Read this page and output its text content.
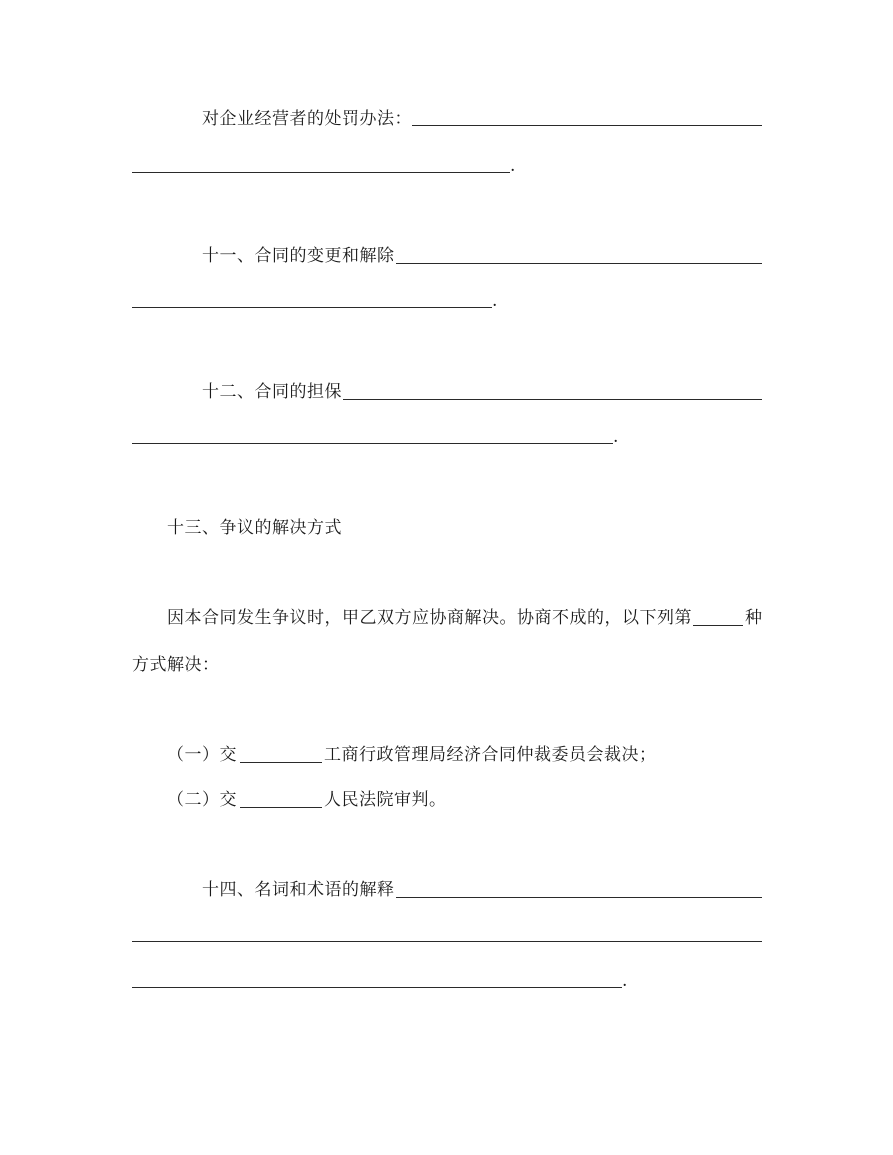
对企业经营者的处罚办法：
.
十一、合同的变更和解除
.
十二、合同的担保
.
十三、争议的解决方式
因本合同发生争议时，甲乙双方应协商解决。协商不成的，以下列第	种
方式解决：
（一）交	工商行政管理局经济合同仲裁委员会裁决；
（二）交	人民法院审判。
十四、名词和术语的解释
.
